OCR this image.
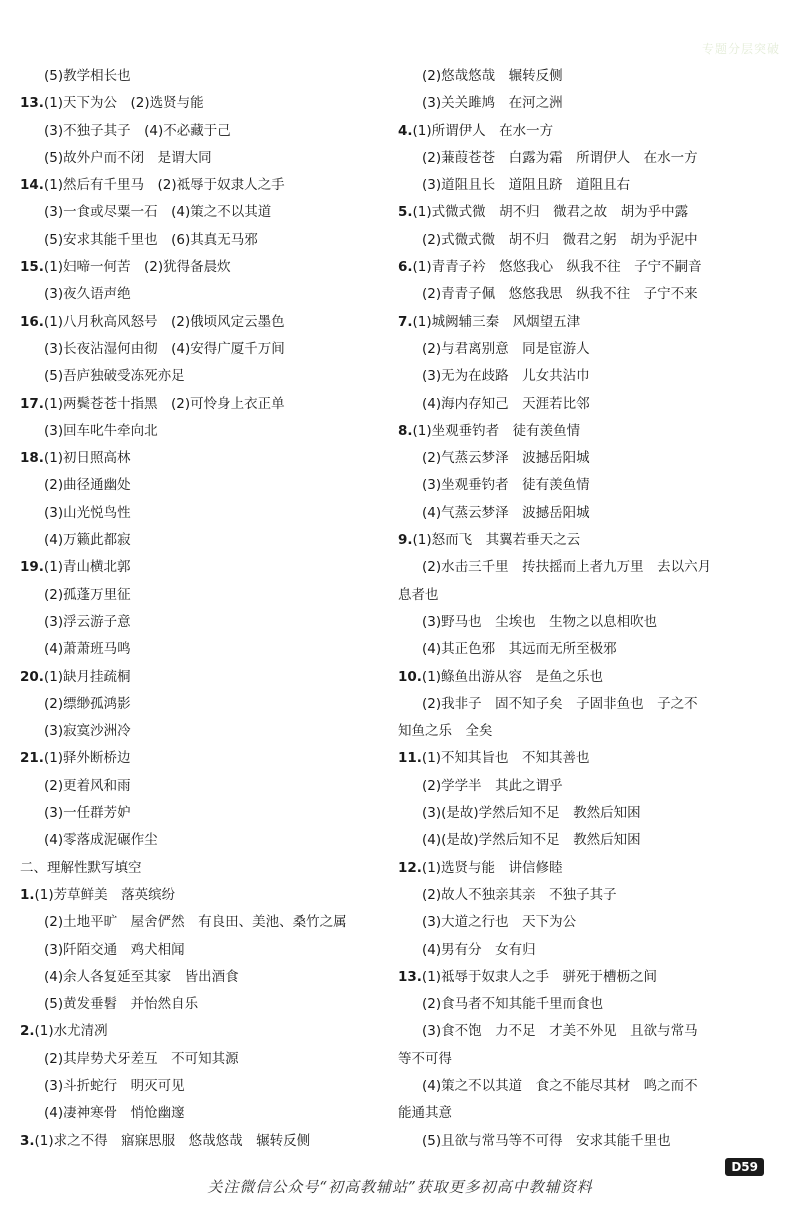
专题分层突破
(5)教学相长也
13.(1)天下为公　(2)选贤与能
(3)不独子其子　(4)不必藏于己
(5)故外户而不闭　是谓大同
14.(1)然后有千里马　(2)祗辱于奴隶人之手
(3)一食或尽粟一石　(4)策之不以其道
(5)安求其能千里也　(6)其真无马邪
15.(1)妇啼一何苦　(2)犹得备晨炊
(3)夜久语声绝
16.(1)八月秋高风怒号　(2)俄顷风定云墨色
(3)长夜沾湿何由彻　(4)安得广厦千万间
(5)吾庐独破受冻死亦足
17.(1)两鬓苍苍十指黑　(2)可怜身上衣正单
(3)回车叱牛牵向北
18.(1)初日照高林
(2)曲径通幽处
(3)山光悦鸟性
(4)万籁此都寂
19.(1)青山横北郭
(2)孤蓬万里征
(3)浮云游子意
(4)萧萧班马鸣
20.(1)缺月挂疏桐
(2)缥缈孤鸿影
(3)寂寞沙洲冷
21.(1)驿外断桥边
(2)更着风和雨
(3)一任群芳妒
(4)零落成泥碾作尘
二、理解性默写填空
1.(1)芳草鲜美　落英缤纷
(2)土地平旷　屋舍俨然　有良田、美池、桑竹之属
(3)阡陌交通　鸡犬相闻
(4)余人各复延至其家　皆出酒食
(5)黄发垂髫　并怡然自乐
2.(1)水尤清冽
(2)其岸势犬牙差互　不可知其源
(3)斗折蛇行　明灭可见
(4)凄神寒骨　悄怆幽邃
3.(1)求之不得　寤寐思服　悠哉悠哉　辗转反侧
(2)悠哉悠哉　辗转反侧
(3)关关雎鸠　在河之洲
4.(1)所谓伊人　在水一方
(2)蒹葭苍苍　白露为霜　所谓伊人　在水一方
(3)道阻且长　道阻且跻　道阻且右
5.(1)式微式微　胡不归　微君之故　胡为乎中露
(2)式微式微　胡不归　微君之躬　胡为乎泥中
6.(1)青青子衿　悠悠我心　纵我不往　子宁不嗣音
(2)青青子佩　悠悠我思　纵我不往　子宁不来
7.(1)城阙辅三秦　风烟望五津
(2)与君离别意　同是宦游人
(3)无为在歧路　儿女共沾巾
(4)海内存知己　天涯若比邻
8.(1)坐观垂钓者　徒有羡鱼情
(2)气蒸云梦泽　波撼岳阳城
(3)坐观垂钓者　徒有羡鱼情
(4)气蒸云梦泽　波撼岳阳城
9.(1)怒而飞　其翼若垂天之云
(2)水击三千里　抟扶摇而上者九万里　去以六月
息者也
(3)野马也　尘埃也　生物之以息相吹也
(4)其正色邪　其远而无所至极邪
10.(1)鲦鱼出游从容　是鱼之乐也
(2)我非子　固不知子矣　子固非鱼也　子之不
知鱼之乐　全矣
11.(1)不知其旨也　不知其善也
(2)学学半　其此之谓乎
(3)(是故)学然后知不足　教然后知困
(4)(是故)学然后知不足　教然后知困
12.(1)选贤与能　讲信修睦
(2)故人不独亲其亲　不独子其子
(3)大道之行也　天下为公
(4)男有分　女有归
13.(1)祗辱于奴隶人之手　骈死于槽枥之间
(2)食马者不知其能千里而食也
(3)食不饱　力不足　才美不外见　且欲与常马
等不可得
(4)策之不以其道　食之不能尽其材　鸣之而不
能通其意
(5)且欲与常马等不可得　安求其能千里也
D59
关注微信公众号“初高教辅站”获取更多初高中教辅资料
